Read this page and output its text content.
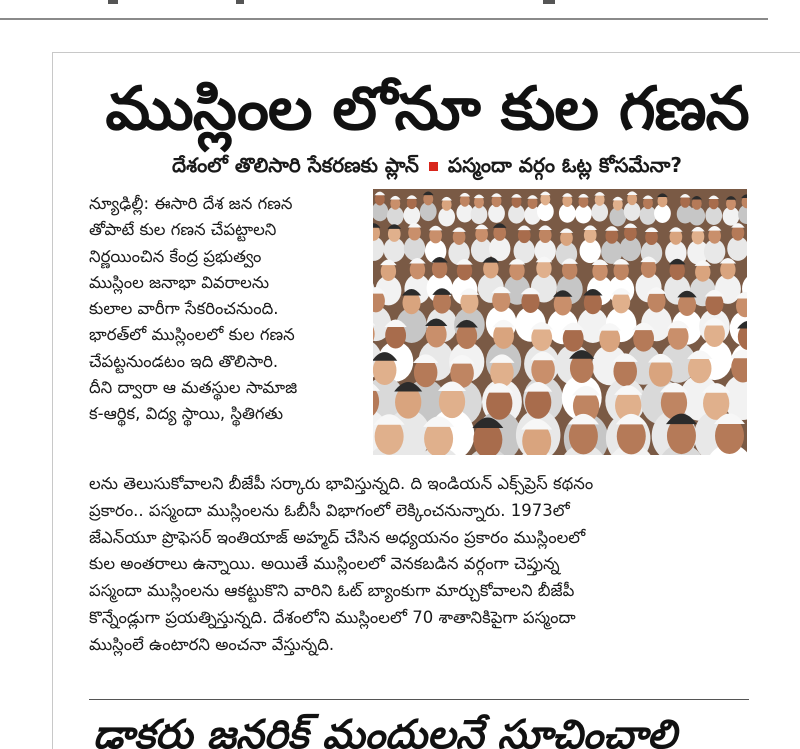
ముస్లింల లోనూ కుల గణన
దేశంలో తొలిసారి సేకరణకు ప్లాన్ పస్మందా వర్గం ఓట్ల కోసమేనా?
న్యూఢిల్లీ: ఈసారి దేశ జన గణన
తోపాటే కుల గణన చేపట్టాలని
నిర్ణయించిన కేంద్ర ప్రభుత్వం
ముస్లింల జనాభా వివరాలను
కులాల వారీగా సేకరించనుంది.
భారత్‌లో ముస్లింలలో కుల గణన
చేపట్టనుండటం ఇది తొలిసారి.
దీని ద్వారా ఆ మతస్థుల సామాజి
క-ఆర్థిక, విద్య స్థాయి, స్థితిగతు
లను తెలుసుకోవాలని బీజేపీ సర్కారు భావిస్తున్నది. ది ఇండియన్ ఎక్స్‌ప్రెస్ కథనం
ప్రకారం.. పస్మందా ముస్లింలను ఓబీసీ విభాగంలో లెక్కించనున్నారు. 1973లో
జేఎన్‌యూ ప్రొఫెసర్ ఇంతియాజ్ అహ్మద్ చేసిన అధ్యయనం ప్రకారం ముస్లింలలో
కుల అంతరాలు ఉన్నాయి. అయితే ముస్లింలలో వెనకబడిన వర్గంగా చెప్తున్న
పస్మందా ముస్లింలను ఆకట్టుకొని వారిని ఓట్ బ్యాంకుగా మార్చుకోవాలని బీజేపీ
కొన్నేండ్లుగా ప్రయత్నిస్తున్నది. దేశంలోని ముస్లింలలో 70 శాతానికిపైగా పస్మందా
ముస్లింలే ఉంటారని అంచనా వేస్తున్నది.
డాకరు జనరిక్ మందులనే సూచించాలి
